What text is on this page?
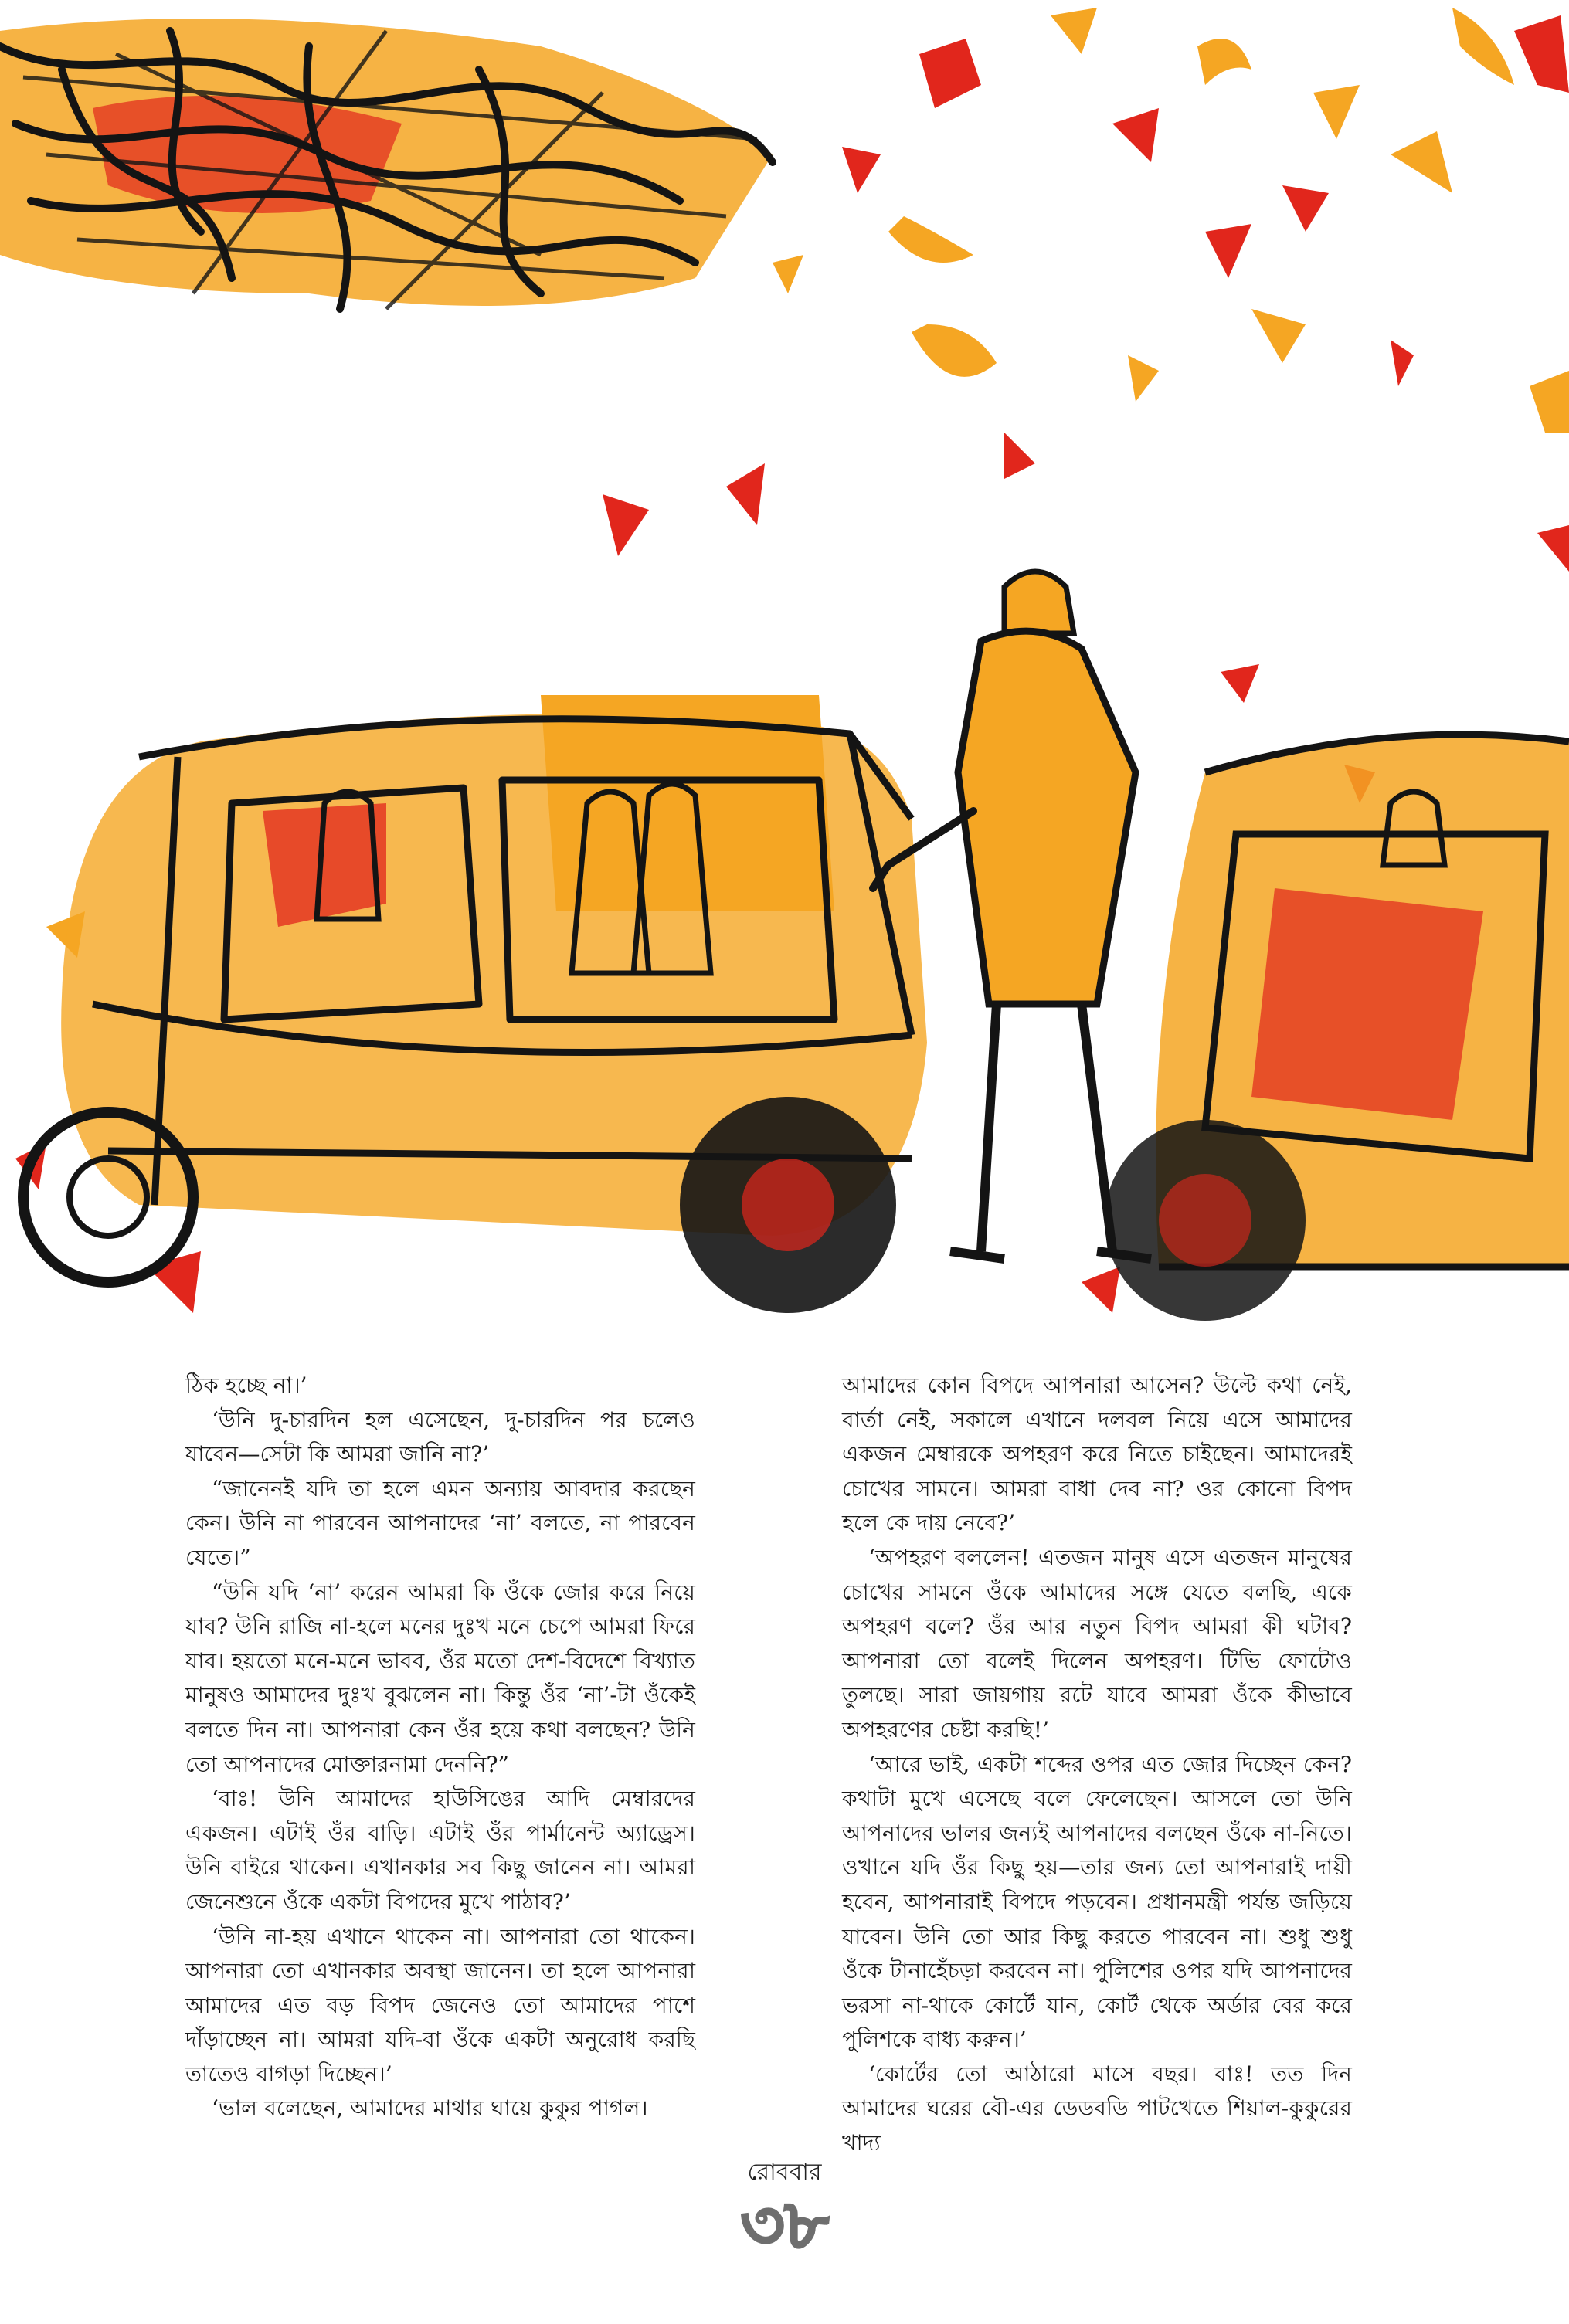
ঠিক হচ্ছে না।’

‘উনি দু-চারদিন হল এসেছেন, দু-চারদিন পর চলেও যাবেন—সেটা কি আমরা জানি না?’

“জানেনই যদি তা হলে এমন অন্যায় আবদার করছেন কেন। উনি না পারবেন আপনাদের ‘না’ বলতে, না পারবেন যেতে।”

“উনি যদি ‘না’ করেন আমরা কি ওঁকে জোর করে নিয়ে যাব? উনি রাজি না-হলে মনের দুঃখ মনে চেপে আমরা ফিরে যাব। হয়তো মনে-মনে ভাবব, ওঁর মতো দেশ-বিদেশে বিখ্যাত মানুষও আমাদের দুঃখ বুঝলেন না। কিন্তু ওঁর ‘না’-টা ওঁকেই বলতে দিন না। আপনারা কেন ওঁর হয়ে কথা বলছেন? উনি তো আপনাদের মোক্তারনামা দেননি?”

‘বাঃ! উনি আমাদের হাউসিঙের আদি মেম্বারদের একজন। এটাই ওঁর বাড়ি। এটাই ওঁর পার্মানেন্ট অ্যাড্রেস। উনি বাইরে থাকেন। এখানকার সব কিছু জানেন না। আমরা জেনেশুনে ওঁকে একটা বিপদের মুখে পাঠাব?’

‘উনি না-হয় এখানে থাকেন না। আপনারা তো থাকেন। আপনারা তো এখানকার অবস্থা জানেন। তা হলে আপনারা আমাদের এত বড় বিপদ জেনেও তো আমাদের পাশে দাঁড়াচ্ছেন না। আমরা যদি-বা ওঁকে একটা অনুরোধ করছি তাতেও বাগড়া দিচ্ছেন।’

‘ভাল বলেছেন, আমাদের মাথার ঘায়ে কুকুর পাগল।

আমাদের কোন বিপদে আপনারা আসেন? উল্টে কথা নেই, বার্তা নেই, সকালে এখানে দলবল নিয়ে এসে আমাদের একজন মেম্বারকে অপহরণ করে নিতে চাইছেন। আমাদেরই চোখের সামনে। আমরা বাধা দেব না? ওর কোনো বিপদ হলে কে দায় নেবে?’

‘অপহরণ বললেন! এতজন মানুষ এসে এতজন মানুষের চোখের সামনে ওঁকে আমাদের সঙ্গে যেতে বলছি, একে অপহরণ বলে? ওঁর আর নতুন বিপদ আমরা কী ঘটাব? আপনারা তো বলেই দিলেন অপহরণ। টিভি ফোটোও তুলছে। সারা জায়গায় রটে যাবে আমরা ওঁকে কীভাবে অপহরণের চেষ্টা করছি!’

‘আরে ভাই, একটা শব্দের ওপর এত জোর দিচ্ছেন কেন? কথাটা মুখে এসেছে বলে ফেলেছেন। আসলে তো উনি আপনাদের ভালর জন্যই আপনাদের বলছেন ওঁকে না-নিতে। ওখানে যদি ওঁর কিছু হয়—তার জন্য তো আপনারাই দায়ী হবেন, আপনারাই বিপদে পড়বেন। প্রধানমন্ত্রী পর্যন্ত জড়িয়ে যাবেন। উনি তো আর কিছু করতে পারবেন না। শুধু শুধু ওঁকে টানাহেঁচড়া করবেন না। পুলিশের ওপর যদি আপনাদের ভরসা না-থাকে কোর্টে যান, কোর্ট থেকে অর্ডার বের করে পুলিশকে বাধ্য করুন।’

‘কোর্টের তো আঠারো মাসে বছর। বাঃ! তত দিন আমাদের ঘরের বৌ-এর ডেডবডি পাটখেতে শিয়াল-কুকুরের খাদ্য

রোববার
৩৮
